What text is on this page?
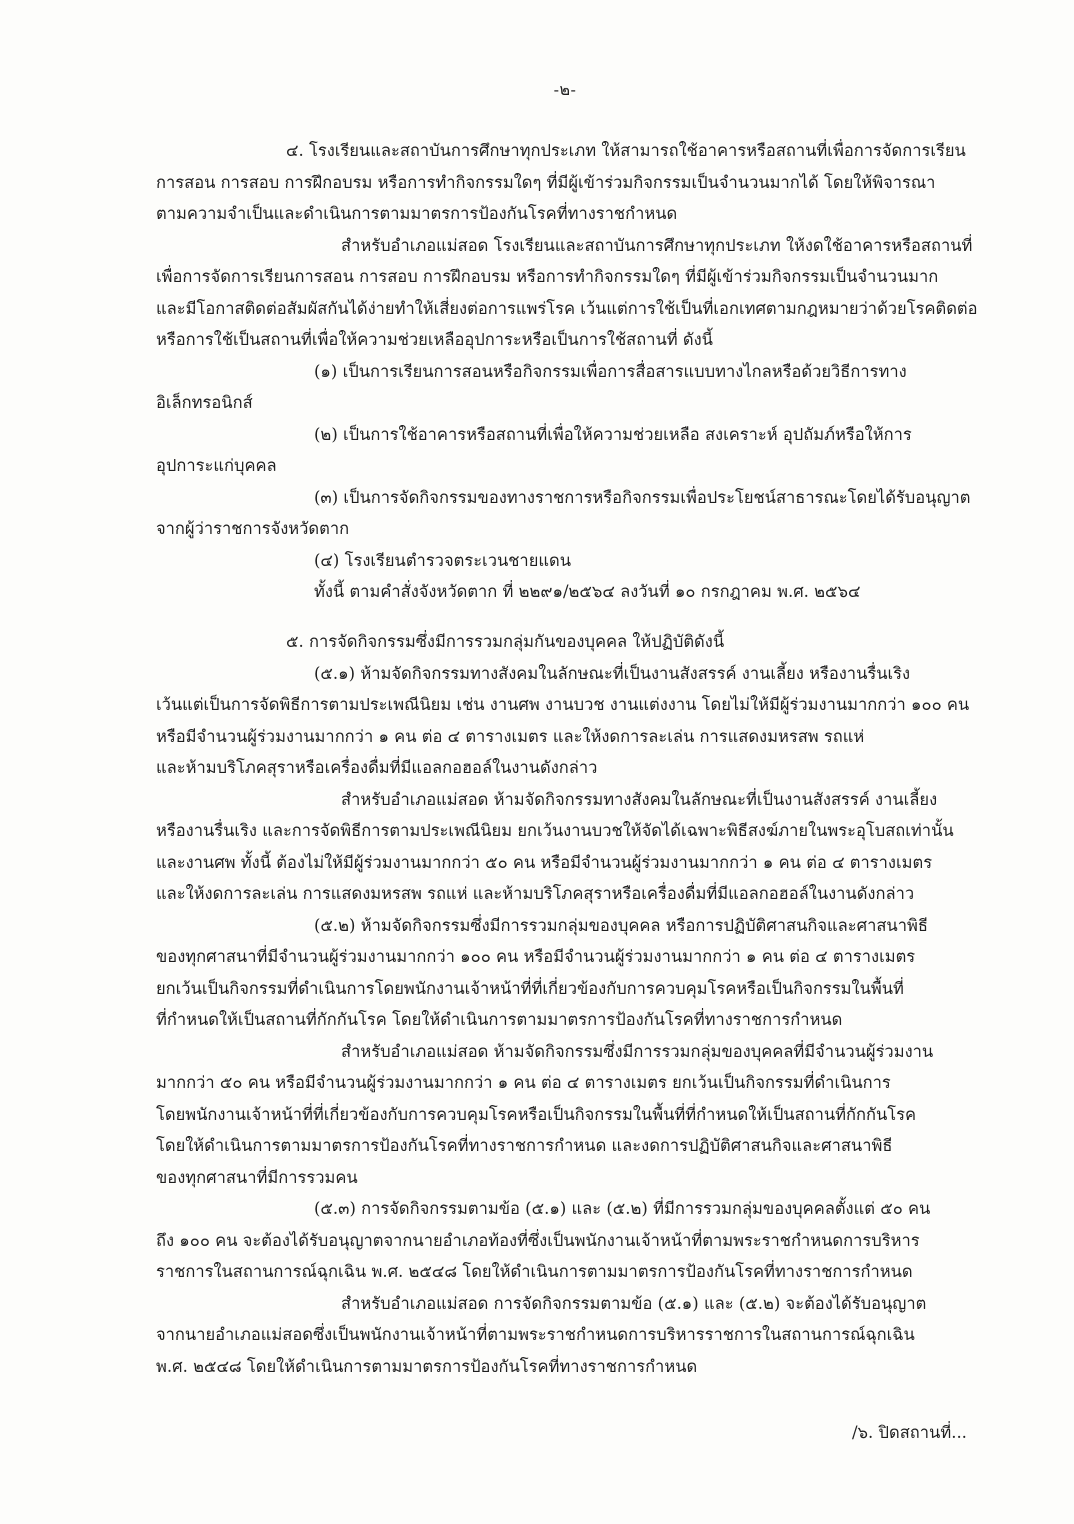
-๒-
๔. โรงเรียนและสถาบันการศึกษาทุกประเภท ให้สามารถใช้อาคารหรือสถานที่เพื่อการจัดการเรียน
การสอน การสอบ การฝึกอบรม หรือการทำกิจกรรมใดๆ ที่มีผู้เข้าร่วมกิจกรรมเป็นจำนวนมากได้ โดยให้พิจารณา
ตามความจำเป็นและดำเนินการตามมาตรการป้องกันโรคที่ทางราชกำหนด
สำหรับอำเภอแม่สอด โรงเรียนและสถาบันการศึกษาทุกประเภท ให้งดใช้อาคารหรือสถานที่
เพื่อการจัดการเรียนการสอน การสอบ การฝึกอบรม หรือการทำกิจกรรมใดๆ ที่มีผู้เข้าร่วมกิจกรรมเป็นจำนวนมาก
และมีโอกาสติดต่อสัมผัสกันได้ง่ายทำให้เสี่ยงต่อการแพร่โรค เว้นแต่การใช้เป็นที่เอกเทศตามกฎหมายว่าด้วยโรคติดต่อ
หรือการใช้เป็นสถานที่เพื่อให้ความช่วยเหลืออุปการะหรือเป็นการใช้สถานที่ ดังนี้
(๑) เป็นการเรียนการสอนหรือกิจกรรมเพื่อการสื่อสารแบบทางไกลหรือด้วยวิธีการทาง
อิเล็กทรอนิกส์
(๒) เป็นการใช้อาคารหรือสถานที่เพื่อให้ความช่วยเหลือ สงเคราะห์ อุปถัมภ์หรือให้การ
อุปการะแก่บุคคล
(๓) เป็นการจัดกิจกรรมของทางราชการหรือกิจกรรมเพื่อประโยชน์สาธารณะโดยได้รับอนุญาต
จากผู้ว่าราชการจังหวัดตาก
(๔) โรงเรียนตำรวจตระเวนชายแดน
ทั้งนี้ ตามคำสั่งจังหวัดตาก ที่ ๒๒๙๑/๒๕๖๔ ลงวันที่ ๑๐ กรกฎาคม พ.ศ. ๒๕๖๔
๕. การจัดกิจกรรมซึ่งมีการรวมกลุ่มกันของบุคคล ให้ปฏิบัติดังนี้
(๕.๑) ห้ามจัดกิจกรรมทางสังคมในลักษณะที่เป็นงานสังสรรค์ งานเลี้ยง หรืองานรื่นเริง
เว้นแต่เป็นการจัดพิธีการตามประเพณีนิยม เช่น งานศพ งานบวช งานแต่งงาน โดยไม่ให้มีผู้ร่วมงานมากกว่า ๑๐๐ คน
หรือมีจำนวนผู้ร่วมงานมากกว่า ๑ คน ต่อ ๔ ตารางเมตร และให้งดการละเล่น การแสดงมหรสพ รถแห่
และห้ามบริโภคสุราหรือเครื่องดื่มที่มีแอลกอฮอล์ในงานดังกล่าว
สำหรับอำเภอแม่สอด ห้ามจัดกิจกรรมทางสังคมในลักษณะที่เป็นงานสังสรรค์ งานเลี้ยง
หรืองานรื่นเริง และการจัดพิธีการตามประเพณีนิยม ยกเว้นงานบวชให้จัดได้เฉพาะพิธีสงฆ์ภายในพระอุโบสถเท่านั้น
และงานศพ ทั้งนี้ ต้องไม่ให้มีผู้ร่วมงานมากกว่า ๕๐ คน หรือมีจำนวนผู้ร่วมงานมากกว่า ๑ คน ต่อ ๔ ตารางเมตร
และให้งดการละเล่น การแสดงมหรสพ รถแห่ และห้ามบริโภคสุราหรือเครื่องดื่มที่มีแอลกอฮอล์ในงานดังกล่าว
(๕.๒) ห้ามจัดกิจกรรมซึ่งมีการรวมกลุ่มของบุคคล หรือการปฏิบัติศาสนกิจและศาสนาพิธี
ของทุกศาสนาที่มีจำนวนผู้ร่วมงานมากกว่า ๑๐๐ คน หรือมีจำนวนผู้ร่วมงานมากกว่า ๑ คน ต่อ ๔ ตารางเมตร
ยกเว้นเป็นกิจกรรมที่ดำเนินการโดยพนักงานเจ้าหน้าที่ที่เกี่ยวข้องกับการควบคุมโรคหรือเป็นกิจกรรมในพื้นที่
ที่กำหนดให้เป็นสถานที่กักกันโรค โดยให้ดำเนินการตามมาตรการป้องกันโรคที่ทางราชการกำหนด
สำหรับอำเภอแม่สอด ห้ามจัดกิจกรรมซึ่งมีการรวมกลุ่มของบุคคลที่มีจำนวนผู้ร่วมงาน
มากกว่า ๕๐ คน หรือมีจำนวนผู้ร่วมงานมากกว่า ๑ คน ต่อ ๔ ตารางเมตร ยกเว้นเป็นกิจกรรมที่ดำเนินการ
โดยพนักงานเจ้าหน้าที่ที่เกี่ยวข้องกับการควบคุมโรคหรือเป็นกิจกรรมในพื้นที่ที่กำหนดให้เป็นสถานที่กักกันโรค
โดยให้ดำเนินการตามมาตรการป้องกันโรคที่ทางราชการกำหนด และงดการปฏิบัติศาสนกิจและศาสนาพิธี
ของทุกศาสนาที่มีการรวมคน
(๕.๓) การจัดกิจกรรมตามข้อ (๕.๑) และ (๕.๒) ที่มีการรวมกลุ่มของบุคคลตั้งแต่ ๕๐ คน
ถึง ๑๐๐ คน จะต้องได้รับอนุญาตจากนายอำเภอท้องที่ซึ่งเป็นพนักงานเจ้าหน้าที่ตามพระราชกำหนดการบริหาร
ราชการในสถานการณ์ฉุกเฉิน พ.ศ. ๒๕๔๘ โดยให้ดำเนินการตามมาตรการป้องกันโรคที่ทางราชการกำหนด
สำหรับอำเภอแม่สอด การจัดกิจกรรมตามข้อ (๕.๑) และ (๕.๒) จะต้องได้รับอนุญาต
จากนายอำเภอแม่สอดซึ่งเป็นพนักงานเจ้าหน้าที่ตามพระราชกำหนดการบริหารราชการในสถานการณ์ฉุกเฉิน
พ.ศ. ๒๕๔๘ โดยให้ดำเนินการตามมาตรการป้องกันโรคที่ทางราชการกำหนด
/๖. ปิดสถานที่...
